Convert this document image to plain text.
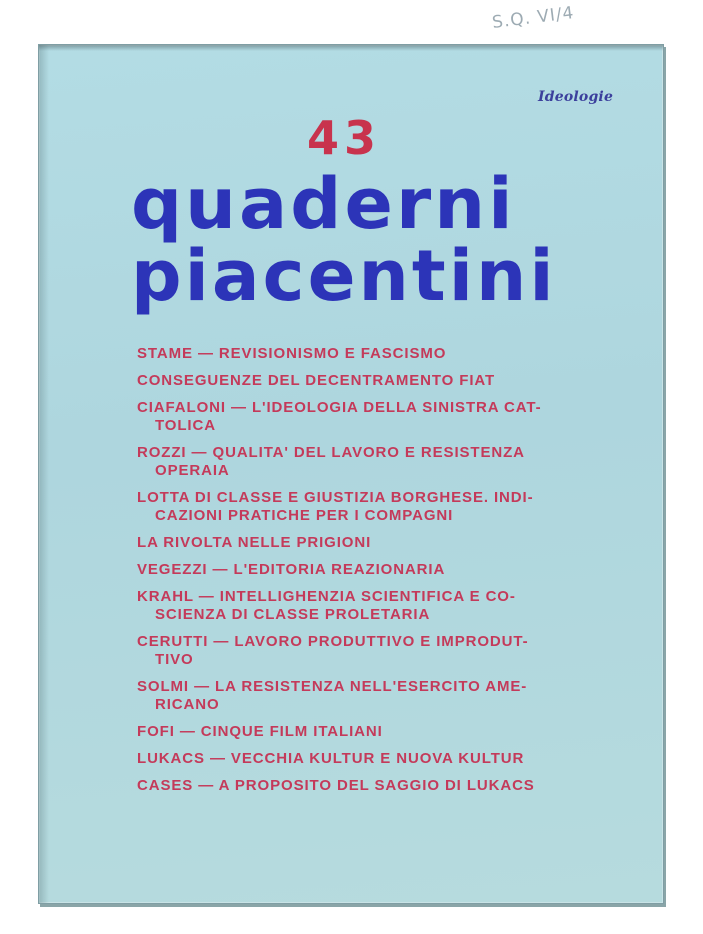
43
quaderni
piacentini
Ideologie
STAME — REVISIONISMO E FASCISMO
CONSEGUENZE DEL DECENTRAMENTO FIAT
CIAFALONI — L'IDEOLOGIA DELLA SINISTRA CAT-
TOLICA
ROZZI — QUALITA' DEL LAVORO E RESISTENZA
OPERAIA
LOTTA DI CLASSE E GIUSTIZIA BORGHESE. INDI-
CAZIONI PRATICHE PER I COMPAGNI
LA RIVOLTA NELLE PRIGIONI
VEGEZZI — L'EDITORIA REAZIONARIA
KRAHL — INTELLIGHENZIA SCIENTIFICA E CO-
SCIENZA DI CLASSE PROLETARIA
CERUTTI — LAVORO PRODUTTIVO E IMPRODUT-
TIVO
SOLMI — LA RESISTENZA NELL'ESERCITO AME-
RICANO
FOFI — CINQUE FILM ITALIANI
LUKACS — VECCHIA KULTUR E NUOVA KULTUR
CASES — A PROPOSITO DEL SAGGIO DI LUKACS
S.Q. VI/4
